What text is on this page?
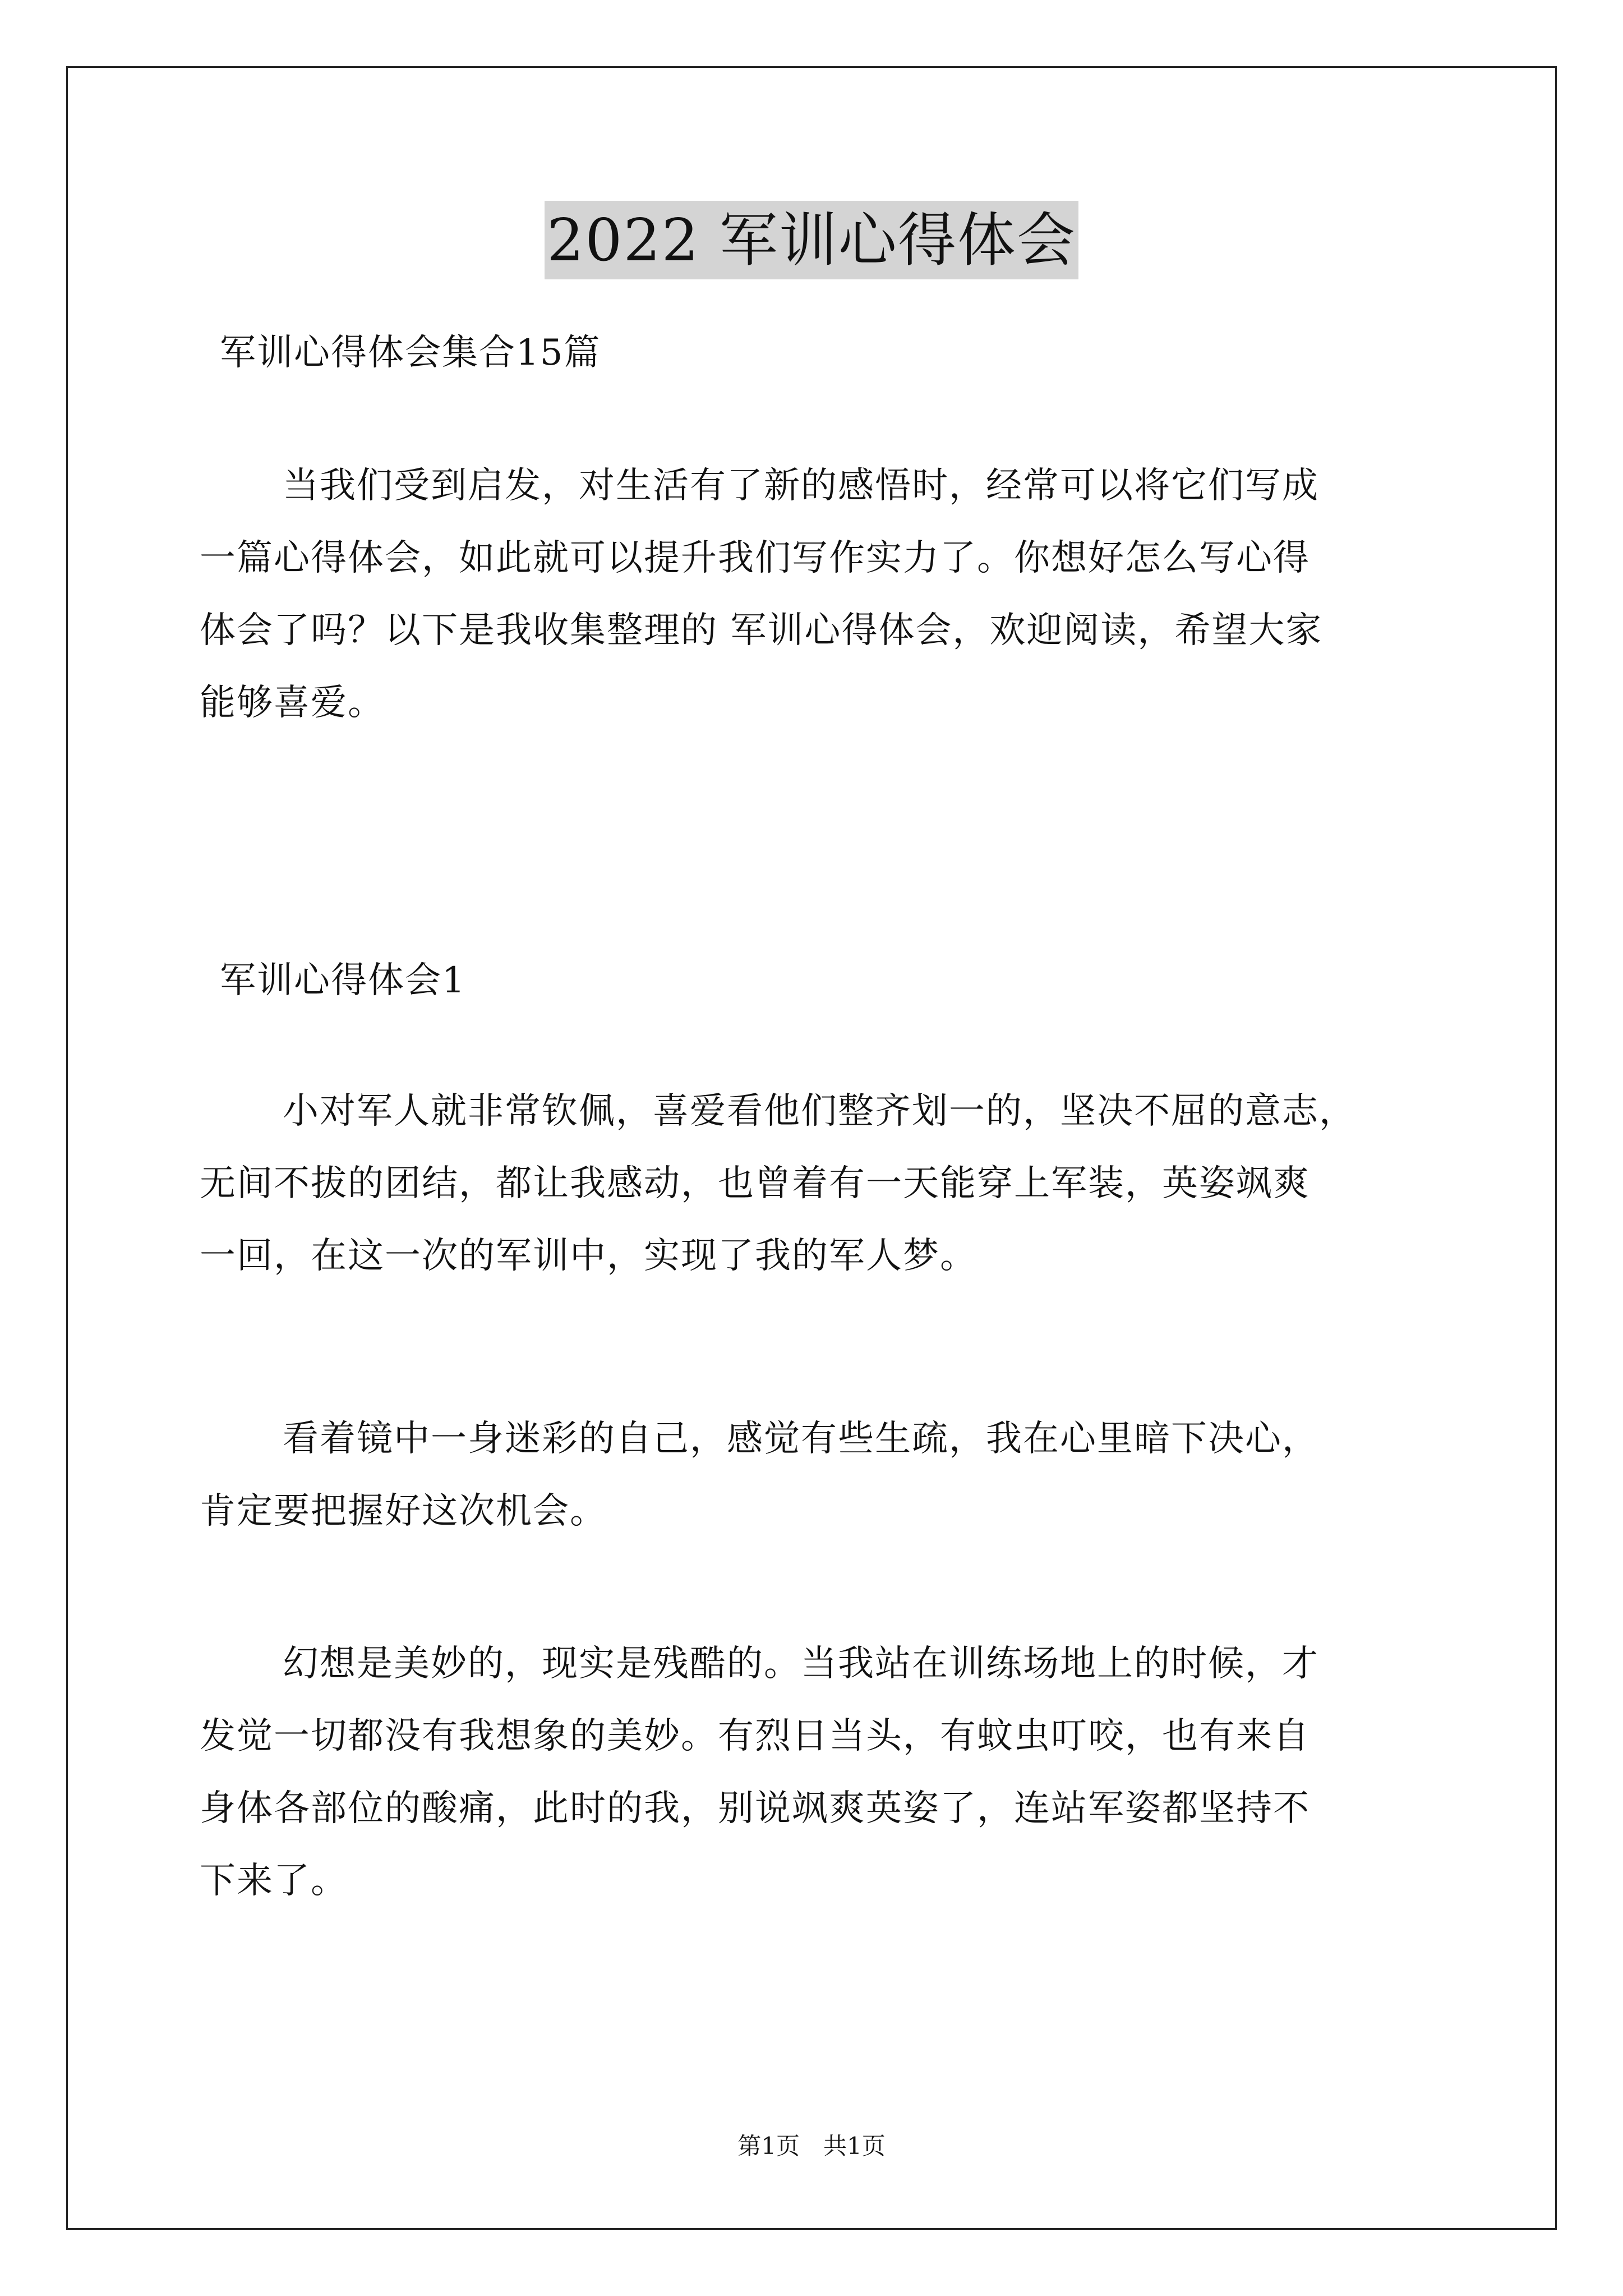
2022 军训心得体会
军训心得体会集合15篇
当我们受到启发，对生活有了新的感悟时，经常可以将它们写成
一篇心得体会，如此就可以提升我们写作实力了。你想好怎么写心得
体会了吗？以下是我收集整理的 军训心得体会，欢迎阅读，希望大家
能够喜爱。
军训心得体会1
小对军人就非常钦佩，喜爱看他们整齐划一的，坚决不屈的意志，
无间不拔的团结，都让我感动，也曾着有一天能穿上军装，英姿飒爽
一回，在这一次的军训中，实现了我的军人梦。
看着镜中一身迷彩的自己，感觉有些生疏，我在心里暗下决心，
肯定要把握好这次机会。
幻想是美妙的，现实是残酷的。当我站在训练场地上的时候，才
发觉一切都没有我想象的美妙。有烈日当头，有蚊虫叮咬，也有来自
身体各部位的酸痛，此时的我，别说飒爽英姿了，连站军姿都坚持不
下来了。
第1页　共1页
